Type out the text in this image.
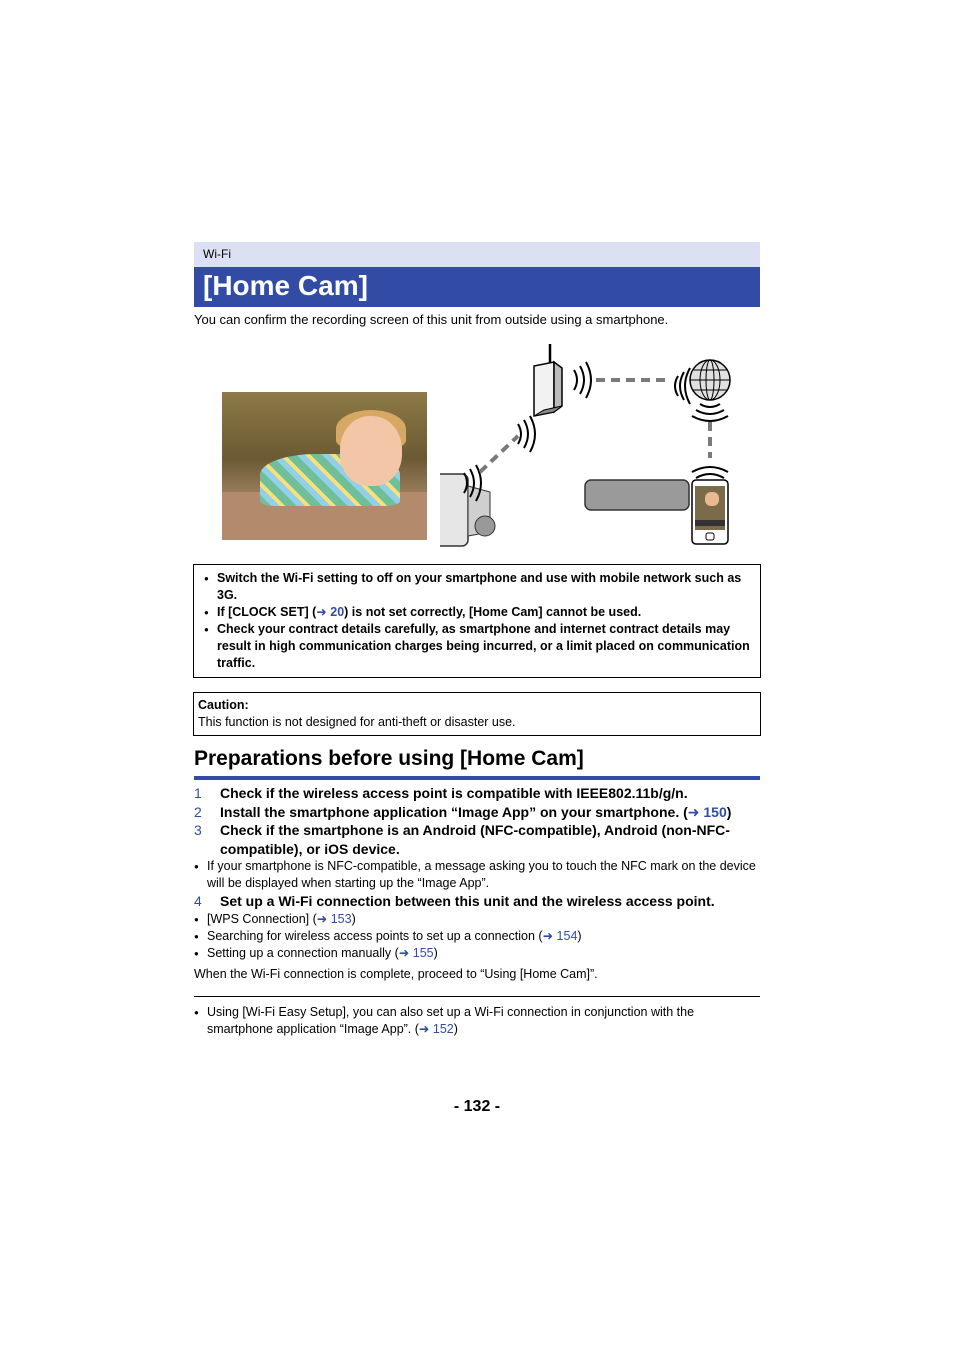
Wi-Fi
[Home Cam]
You can confirm the recording screen of this unit from outside using a smartphone.
● Switch the Wi-Fi setting to off on your smartphone and use with mobile network such as 3G.
● If [CLOCK SET] (➜ 20) is not set correctly, [Home Cam] cannot be used.
● Check your contract details carefully, as smartphone and internet contract details may result in high communication charges being incurred, or a limit placed on communication traffic.
Caution:
This function is not designed for anti-theft or disaster use.
Preparations before using [Home Cam]
1 Check if the wireless access point is compatible with IEEE802.11b/g/n.
2 Install the smartphone application “Image App” on your smartphone. (➜ 150)
3 Check if the smartphone is an Android (NFC-compatible), Android (non-NFC-compatible), or iOS device.
● If your smartphone is NFC-compatible, a message asking you to touch the NFC mark on the device will be displayed when starting up the “Image App”.
4 Set up a Wi-Fi connection between this unit and the wireless access point.
● [WPS Connection] (➜ 153)
● Searching for wireless access points to set up a connection (➜ 154)
● Setting up a connection manually (➜ 155)
When the Wi-Fi connection is complete, proceed to “Using [Home Cam]”.
● Using [Wi-Fi Easy Setup], you can also set up a Wi-Fi connection in conjunction with the smartphone application “Image App”. (➜ 152)
- 132 -
